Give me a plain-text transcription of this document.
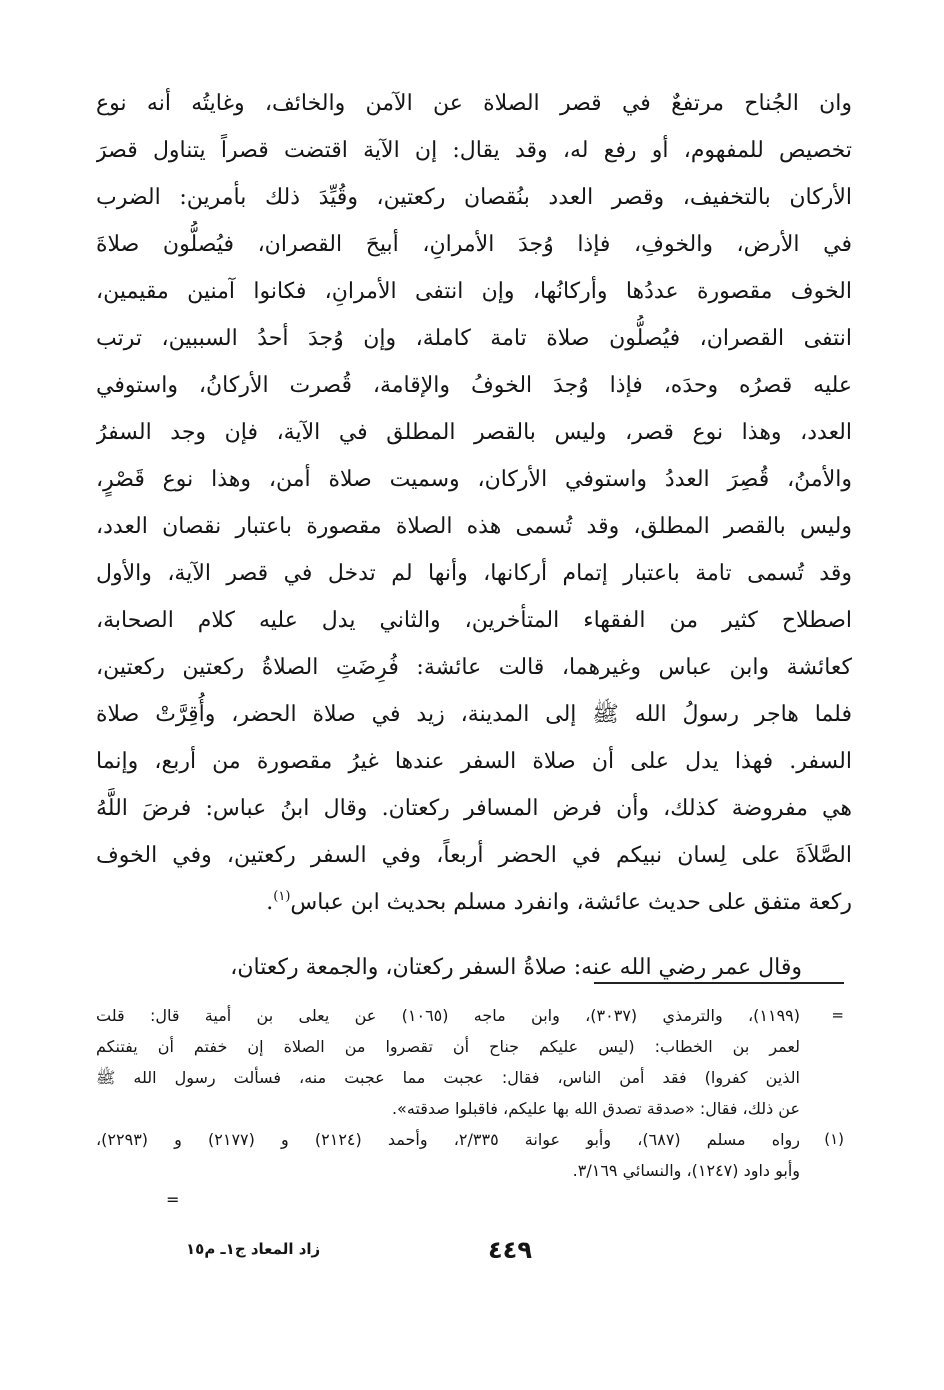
وان الجُناح مرتفعٌ في قصر الصلاة عن الآمن والخائف، وغايتُه أنه نوع
تخصيص للمفهوم، أو رفع له، وقد يقال: إن الآية اقتضت قصراً يتناول قصرَ
الأركان بالتخفيف، وقصر العدد بنُقصان ركعتين، وقُيِّدَ ذلك بأمرين: الضرب
في الأرض، والخوفِ، فإذا وُجدَ الأمرانِ، أبيحَ القصران، فيُصلُّون صلاةَ
الخوف مقصورة عددُها وأركانُها، وإن انتفى الأمرانِ، فكانوا آمنين مقيمين،
انتفى القصران، فيُصلُّون صلاة تامة كاملة، وإن وُجدَ أحدُ السببين، ترتب
عليه قصرُه وحدَه، فإذا وُجدَ الخوفُ والإقامة، قُصرت الأركانُ، واستوفي
العدد، وهذا نوع قصر، وليس بالقصر المطلق في الآية، فإن وجد السفرُ
والأمنُ، قُصِرَ العددُ واستوفي الأركان، وسميت صلاة أمن، وهذا نوع قَصْرٍ،
وليس بالقصر المطلق، وقد تُسمى هذه الصلاة مقصورة باعتبار نقصان العدد،
وقد تُسمى تامة باعتبار إتمام أركانها، وأنها لم تدخل في قصر الآية، والأول
اصطلاح كثير من الفقهاء المتأخرين، والثاني يدل عليه كلام الصحابة،
كعائشة وابن عباس وغيرهما، قالت عائشة: فُرِضَتِ الصلاةُ ركعتين ركعتين،
فلما هاجر رسولُ الله ﷺ إلى المدينة، زيد في صلاة الحضر، وأُقِرَّتْ صلاة
السفر. فهذا يدل على أن صلاة السفر عندها غيرُ مقصورة من أربع، وإنما
هي مفروضة كذلك، وأن فرض المسافر ركعتان. وقال ابنُ عباس: فرضَ اللَّهُ
الصَّلاَةَ على لِسان نبيكم في الحضر أربعاً، وفي السفر ركعتين، وفي الخوف
ركعة متفق على حديث عائشة، وانفرد مسلم بحديث ابن عباس$^{(١)}$.
وقال عمر رضي الله عنه: صلاةُ السفر ركعتان، والجمعة ركعتان،
=
(١١٩٩)، والترمذي (٣٠٣٧)، وابن ماجه (١٠٦٥) عن يعلى بن أمية قال: قلت
لعمر بن الخطاب: (ليس عليكم جناح أن تقصروا من الصلاة إن خفتم أن يفتنكم
الذين كفروا) فقد أمن الناس، فقال: عجبت مما عجبت منه، فسألت رسول الله ﷺ
عن ذلك، فقال: «صدقة تصدق الله بها عليكم، فاقبلوا صدقته».
(١)
رواه مسلم (٦٨٧)، وأبو عوانة ٢/٣٣٥، وأحمد (٢١٢٤) و (٢١٧٧) و (٢٢٩٣)،
وأبو داود (١٢٤٧)، والنسائي ٣/١٦٩.
=
٤٤٩
زاد المعاد ج١ـ م١٥
